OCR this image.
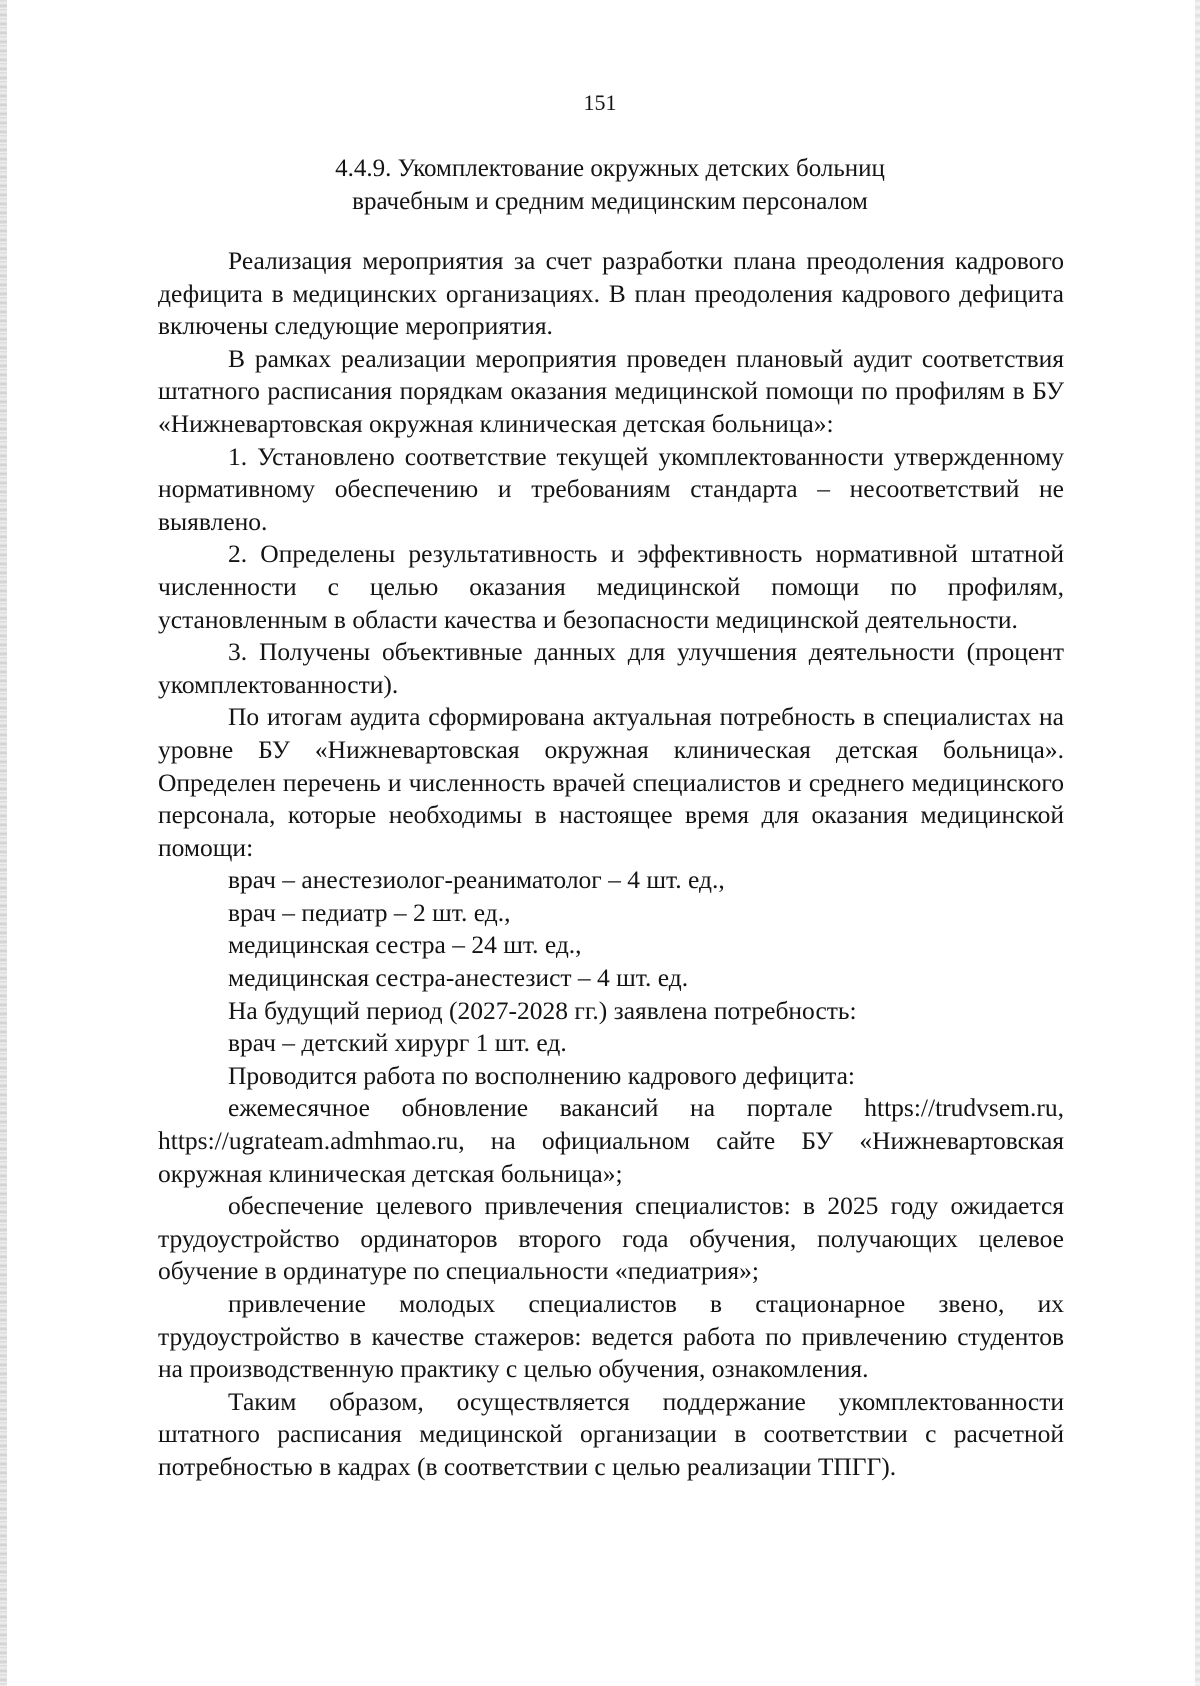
151
4.4.9. Укомплектование окружных детских больниц
врачебным и средним медицинским персоналом

Реализация мероприятия за счет разработки плана преодоления кадрового дефицита в медицинских организациях. В план преодоления кадрового дефицита включены следующие мероприятия.

В рамках реализации мероприятия проведен плановый аудит соответствия штатного расписания порядкам оказания медицинской помощи по профилям в БУ «Нижневартовская окружная клиническая детская больница»:

1. Установлено соответствие текущей укомплектованности утвержденному нормативному обеспечению и требованиям стандарта – несоответствий не выявлено.

2. Определены результативность и эффективность нормативной штатной численности с целью оказания медицинской помощи по профилям, установленным в области качества и безопасности медицинской деятельности.

3. Получены объективные данных для улучшения деятельности (процент укомплектованности).

По итогам аудита сформирована актуальная потребность в специалистах на уровне БУ «Нижневартовская окружная клиническая детская больница». Определен перечень и численность врачей специалистов и среднего медицинского персонала, которые необходимы в настоящее время для оказания медицинской помощи:

врач – анестезиолог-реаниматолог – 4 шт. ед.,

врач – педиатр – 2 шт. ед.,

медицинская сестра – 24 шт. ед.,

медицинская сестра-анестезист – 4 шт. ед.

На будущий период (2027-2028 гг.) заявлена потребность:

врач – детский хирург 1 шт. ед.

Проводится работа по восполнению кадрового дефицита:

ежемесячное обновление вакансий на портале https://trudvsem.ru, https://ugrateam.admhmao.ru, на официальном сайте БУ «Нижневартовская окружная клиническая детская больница»;

обеспечение целевого привлечения специалистов: в 2025 году ожидается трудоустройство ординаторов второго года обучения, получающих целевое обучение в ординатуре по специальности «педиатрия»;

привлечение молодых специалистов в стационарное звено, их трудоустройство в качестве стажеров: ведется работа по привлечению студентов на производственную практику с целью обучения, ознакомления.

Таким образом, осуществляется поддержание укомплектованности штатного расписания медицинской организации в соответствии с расчетной потребностью в кадрах (в соответствии с целью реализации ТПГГ).
